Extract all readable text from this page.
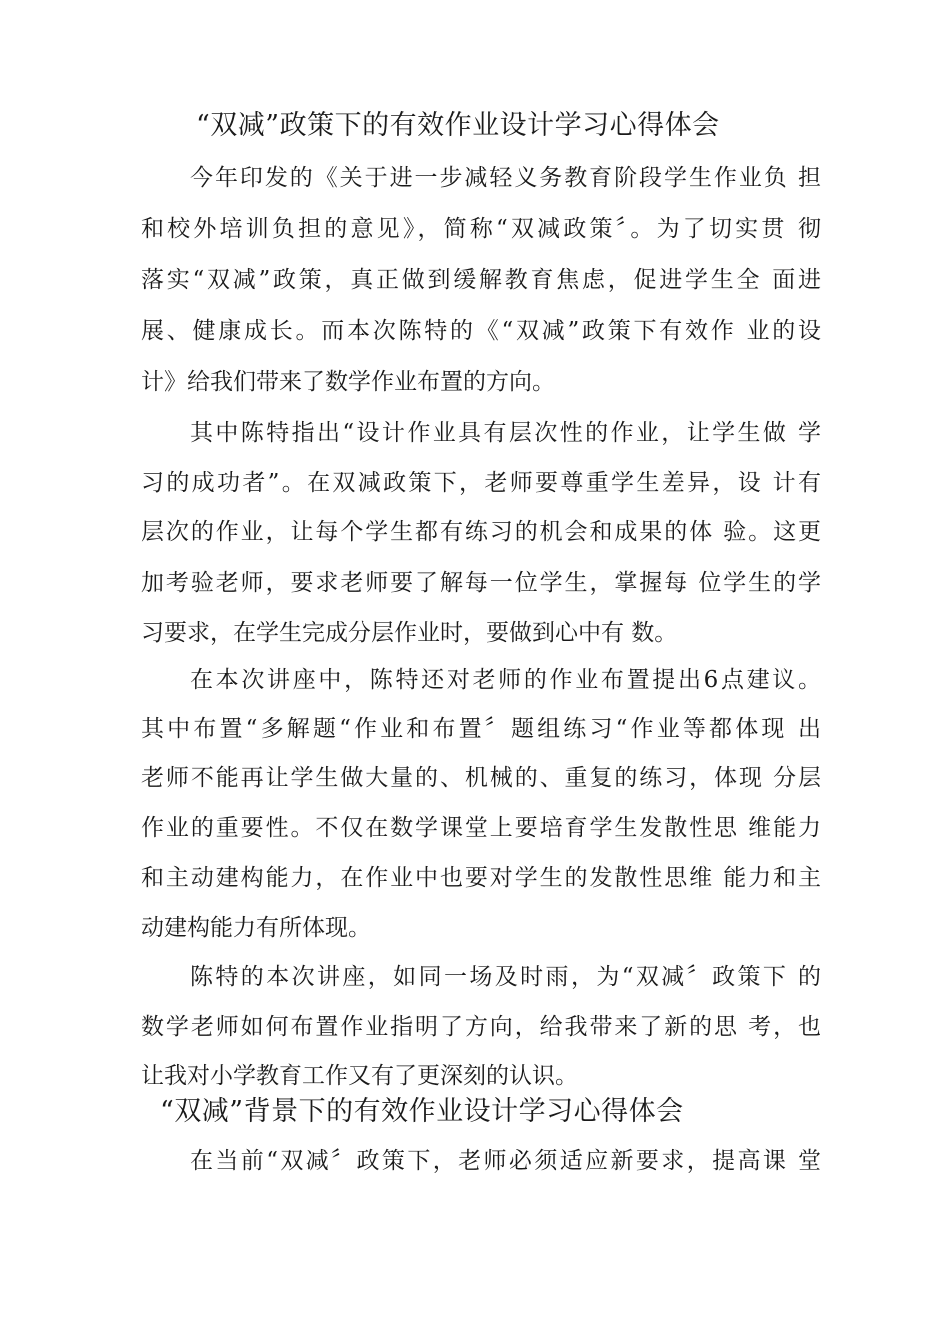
“双减”政策下的有效作业设计学习心得体会

今年印发的《关于进一步减轻义务教育阶段学生作业负 担

和校外培训负担的意见》，简称“双减政策〞。为了切实贯 彻

落实“双减”政策，真正做到缓解教育焦虑，促进学生全 面进

展、健康成长。而本次陈特的《“双减”政策下有效作 业的设

计》给我们带来了数学作业布置的方向。

其中陈特指出“设计作业具有层次性的作业，让学生做 学

习的成功者”。在双减政策下，老师要尊重学生差异，设 计有

层次的作业，让每个学生都有练习的机会和成果的体 验。这更

加考验老师，要求老师要了解每一位学生，掌握每 位学生的学

习要求，在学生完成分层作业时，要做到心中有 数。

在本次讲座中，陈特还对老师的作业布置提出6点建议。

其中布置“多解题“作业和布置〞题组练习“作业等都体现 出

老师不能再让学生做大量的、机械的、重复的练习，体现 分层

作业的重要性。不仅在数学课堂上要培育学生发散性思 维能力

和主动建构能力，在作业中也要对学生的发散性思维 能力和主

动建构能力有所体现。

陈特的本次讲座，如同一场及时雨，为“双减〞政策下 的

数学老师如何布置作业指明了方向，给我带来了新的思 考，也

让我对小学教育工作又有了更深刻的认识。

“双减”背景下的有效作业设计学习心得体会

在当前“双减〞政策下，老师必须适应新要求，提高课 堂
